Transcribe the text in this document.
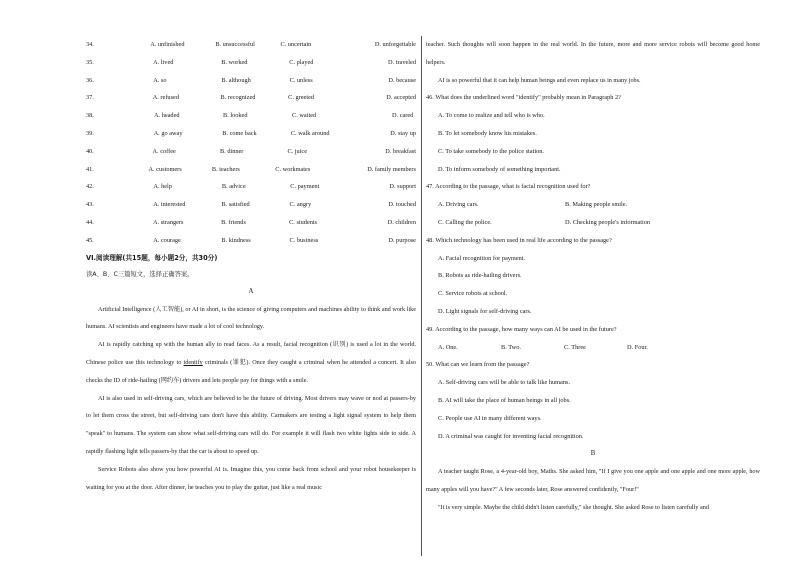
34.	A. unfinished	B. unsuccessful	C. uncertain	D. unforgettable
35.	A. lived	B. worked	C. played	D. traveled
36.	A. so	B. although	C. unless	D. because
37.	A. refused	B. recognized	C. greeted	D. accepted
38.	A. headed	B. looked	C. waited	D. cared
39.	A. go away	B. come back	C. walk around	D. stay up
40.	A. coffee	B. dinner	C. juice	D. breakfast
41.	A. customers	B. teachers	C. workmates	D. family members
42.	A. help	B. advice	C. payment	D. support
43.	A. interested	B. satisfied	C. angry	D. touched
44.	A. strangers	B. friends	C. students	D. children
45.	A. courage	B. kindness	C. business	D. purpose
VI.阅读理解(共15题，每小题2分，共30分)
读A、B、C三篇短文，选择正确答案。
A

Artificial Intelligence (人工智能), or AI in short, is the science of giving computers and machines ability to think and work like humans. AI scientists and engineers have made a lot of cool technology.

AI is rapidly catching up with the human ally to read faces. As a result, facial recognition (识别) is used a lot in the world. Chinese police use this technology to identify criminals (罪犯). Once they caught a criminal when he attended a concert. It also checks the ID of ride-hailing (网约车) drivers and lets people pay for things with a smile.

AI is also used in self-driving cars, which are believed to be the future of driving. Most drivers may wave or nod at passers-by to let them cross the street, but self-driving cars don't have this ability. Carmakers are testing a light signal system to help them "speak" to humans. The system can show what self-driving cars will do. For example it will flash two white lights side to side. A rapidly flashing light tells passers-by that the car is about to speed up.

Service Robots also show you how powerful AI is. Imagine this, you come back from school and your robot housekeeper is waiting for you at the door. After dinner, he teaches you to play the guitar, just like a real music

teacher. Such thoughts will soon happen in the real world. In the future, more and more service robots will become good home helpers.

AI is so powerful that it can help human beings and even replace us in many jobs.

46. What does the underlined word "identify" probably mean in Paragraph 2?
A. To come to realize and tell who is who.
B. To let somebody know his mistakes.
C. To take somebody to the police station.
D. To inform somebody of something important.
47. According to the passage, what is facial recognition used for?
A. Driving cars.	B. Making people smile.
C. Calling the police.	D. Checking people's information
48. Which technology has been used in real life according to the passage?
A. Facial recognition for payment.
B. Robots as ride-hailing drivers.
C. Service robots at school.
D. Light signals for self-driving cars.
49. According to the passage, how many ways can AI be used in the future?
A. One.	B. Two.	C. Three	D. Four.
50. What can we learn from the passage?
A. Self-driving cars will be able to talk like humans.
B. AI will take the place of human beings in all jobs.
C. People use AI in many different ways.
D. A criminal was caught for inventing facial recognition.
B

A teacher taught Rose, a 4-year-old boy, Maths. She asked him, "If I give you one apple and one apple and one more apple, how many apples will you have?" A few seconds later, Rose answered confidently, "Four!"

"It is very simple. Maybe the child didn't listen carefully," she thought. She asked Rose to listen carefully and
